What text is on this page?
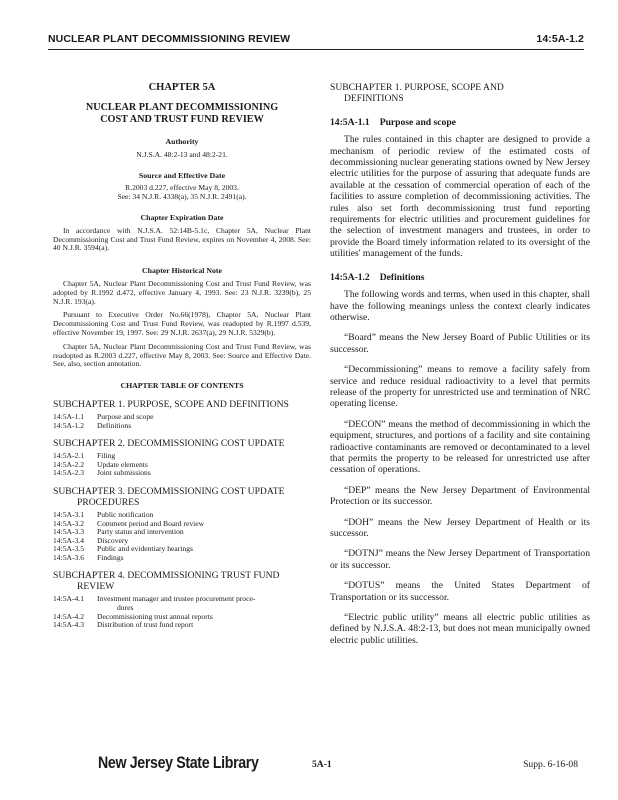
NUCLEAR PLANT DECOMMISSIONING REVIEW	14:5A-1.2

CHAPTER 5A

NUCLEAR PLANT DECOMMISSIONING
COST AND TRUST FUND REVIEW
Authority

N.J.S.A. 48:2-13 and 48:2-21.

Source and Effective Date

R.2003 d.227, effective May 8, 2003.

See: 34 N.J.R. 4338(a), 35 N.J.R. 2491(a).

Chapter Expiration Date

In accordance with N.J.S.A. 52:14B-5.1c, Chapter 5A, Nuclear Plant Decommissioning Cost and Trust Fund Review, expires on November 4, 2008. See: 40 N.J.R. 3594(a).

Chapter Historical Note

Chapter 5A, Nuclear Plant Decommissioning Cost and Trust Fund Review, was adopted by R.1992 d.472, effective January 4, 1993. See: 23 N.J.R. 3239(b), 25 N.J.R. 193(a).

Pursuant to Executive Order No.66(1978), Chapter 5A, Nuclear Plant Decommissioning Cost and Trust Fund Review, was readopted by R.1997 d.539, effective November 19, 1997. See: 29 N.J.R. 2637(a), 29 N.J.R. 5329(b).

Chapter 5A, Nuclear Plant Decommissioning Cost and Trust Fund Review, was readopted as R.2003 d.227, effective May 8, 2003. See: Source and Effective Date. See, also, section annotation.

CHAPTER TABLE OF CONTENTS
SUBCHAPTER 1. PURPOSE, SCOPE AND DEFINITIONS
14:5A-1.1	Purpose and scope
14:5A-1.2	Definitions
SUBCHAPTER 2. DECOMMISSIONING COST UPDATE
14:5A-2.1	Filing
14:5A-2.2	Update elements
14:5A-2.3	Joint submissions
SUBCHAPTER 3. DECOMMISSIONING COST UPDATE
PROCEDURES
14:5A-3.1	Public notification
14:5A-3.2	Comment period and Board review
14:5A-3.3	Party status and intervention
14:5A-3.4	Discovery
14:5A-3.5	Public and evidentiary hearings
14:5A-3.6	Findings
SUBCHAPTER 4. DECOMMISSIONING TRUST FUND
REVIEW
14:5A-4.1	Investment manager and trustee procurement proce-
dures
14:5A-4.2	Decommissioning trust annual reports
14:5A-4.3	Distribution of trust fund report
SUBCHAPTER 1. PURPOSE, SCOPE AND
DEFINITIONS
14:5A-1.1 Purpose and scope

The rules contained in this chapter are designed to provide a mechanism of periodic review of the estimated costs of decommissioning nuclear generating stations owned by New Jersey electric utilities for the purpose of assuring that adequate funds are available at the cessation of commercial operation of each of the facilities to assure completion of decommissioning activities. The rules also set forth decommissioning trust fund reporting requirements for electric utilities and procurement guidelines for the selection of investment managers and trustees, in order to provide the Board timely information related to its oversight of the utilities' management of the funds.

14:5A-1.2 Definitions

The following words and terms, when used in this chapter, shall have the following meanings unless the context clearly indicates otherwise.

“Board” means the New Jersey Board of Public Utilities or its successor.

“Decommissioning” means to remove a facility safely from service and reduce residual radioactivity to a level that permits release of the property for unrestricted use and termination of NRC operating license.

“DECON” means the method of decommissioning in which the equipment, structures, and portions of a facility and site containing radioactive contaminants are removed or decontaminated to a level that permits the property to be released for unrestricted use after cessation of operations.

“DEP” means the New Jersey Department of Environmental Protection or its successor.

“DOH” means the New Jersey Department of Health or its successor.

“DOTNJ” means the New Jersey Department of Transportation or its successor.

“DOTUS” means the United States Department of Transportation or its successor.

“Electric public utility” means all electric public utilities as defined by N.J.S.A. 48:2-13, but does not mean municipally owned electric public utilities.

New Jersey State Library	5A-1	Supp. 6-16-08
